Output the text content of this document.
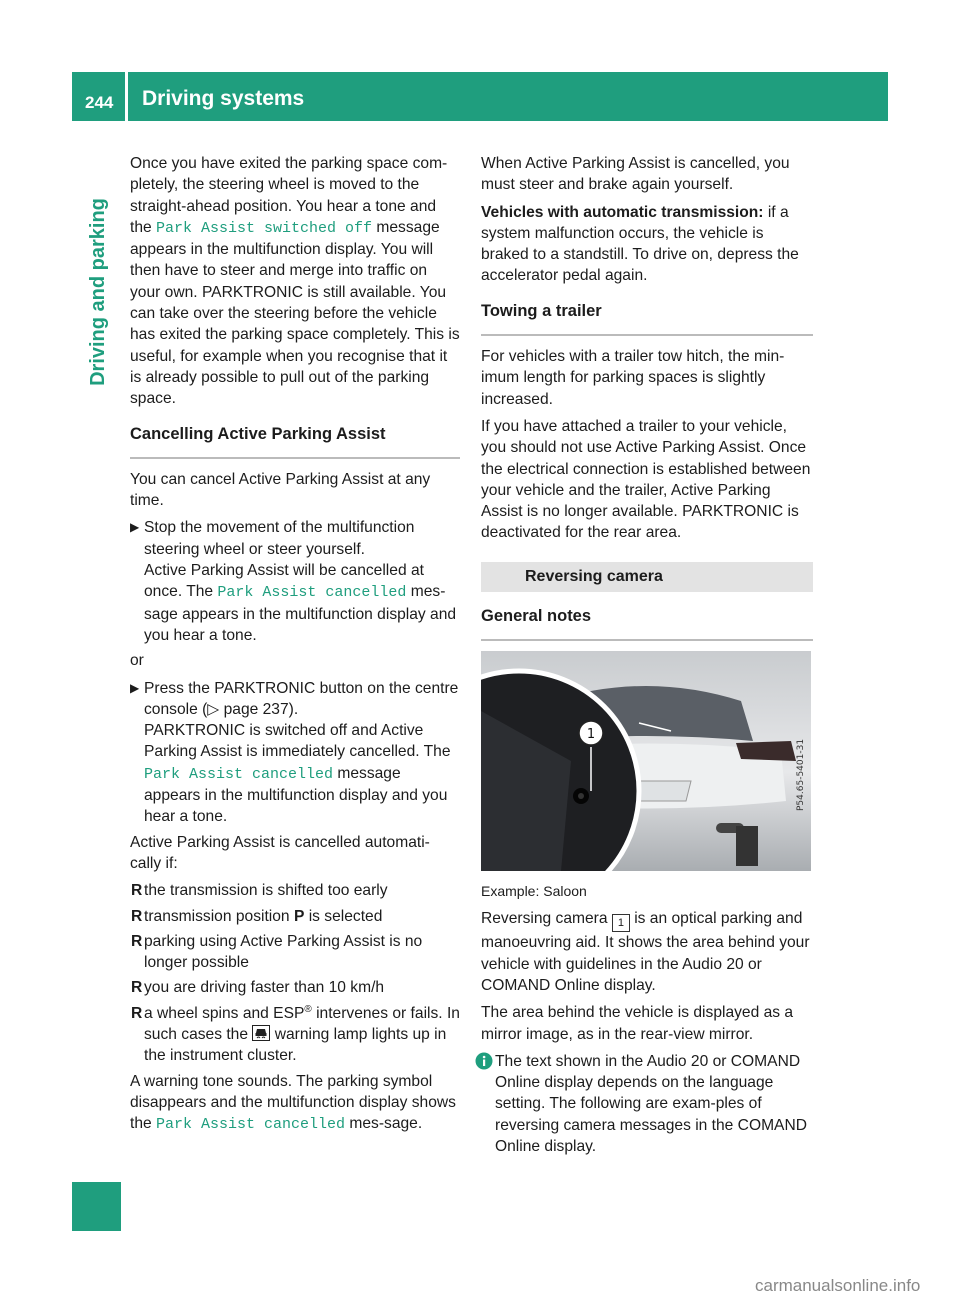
244 Driving systems
Driving and parking

Once you have exited the parking space com-pletely, the steering wheel is moved to the straight-ahead position. You hear a tone and the Park Assist switched off message appears in the multifunction display. You will then have to steer and merge into traffic on your own. PARKTRONIC is still available. You can take over the steering before the vehicle has exited the parking space completely. This is useful, for example when you recognise that it is already possible to pull out of the parking space.

Cancelling Active Parking Assist

You can cancel Active Parking Assist at any time.

▶ Stop the movement of the multifunction steering wheel or steer yourself.
Active Parking Assist will be cancelled at once. The Park Assist cancelled mes-sage appears in the multifunction display and you hear a tone.

or

▶ Press the PARKTRONIC button on the centre console (▷ page 237).
PARKTRONIC is switched off and Active Parking Assist is immediately cancelled. The Park Assist cancelled message appears in the multifunction display and you hear a tone.

Active Parking Assist is cancelled automati-cally if:

R the transmission is shifted too early
R transmission position P is selected
R parking using Active Parking Assist is no longer possible
R you are driving faster than 10 km/h
R a wheel spins and ESP® intervenes or fails. In such cases the  warning lamp lights up in the instrument cluster.

A warning tone sounds. The parking symbol disappears and the multifunction display shows the Park Assist cancelled mes-sage.

When Active Parking Assist is cancelled, you must steer and brake again yourself.

Vehicles with automatic transmission: if a system malfunction occurs, the vehicle is braked to a standstill. To drive on, depress the accelerator pedal again.

Towing a trailer

For vehicles with a trailer tow hitch, the min-imum length for parking spaces is slightly increased.

If you have attached a trailer to your vehicle, you should not use Active Parking Assist. Once the electrical connection is established between your vehicle and the trailer, Active Parking Assist is no longer available. PARKTRONIC is deactivated for the rear area.

Reversing camera
General notes
1
P54.65-5401-31

Example: Saloon

Reversing camera 1 is an optical parking and manoeuvring aid. It shows the area behind your vehicle with guidelines in the Audio 20 or COMAND Online display.

The area behind the vehicle is displayed as a mirror image, as in the rear-view mirror.

The text shown in the Audio 20 or COMAND Online display depends on the language setting. The following are exam-ples of reversing camera messages in the COMAND Online display.
carmanualsonline.info
